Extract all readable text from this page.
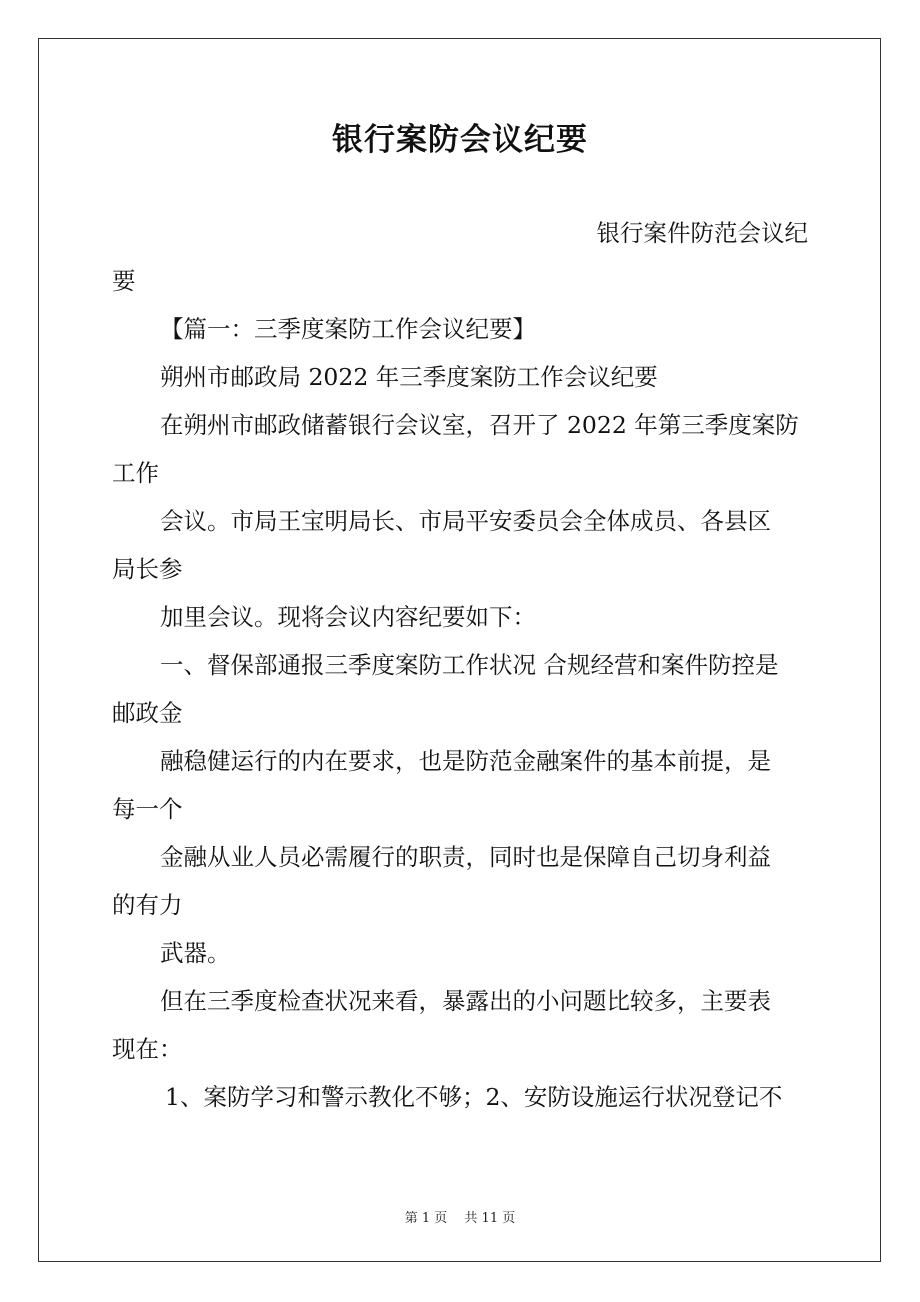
银行案防会议纪要
银行案件防范会议纪
要
【篇一：三季度案防工作会议纪要】
朔州市邮政局 2022 年三季度案防工作会议纪要
在朔州市邮政储蓄银行会议室，召开了 2022 年第三季度案防
工作
会议。市局王宝明局长、市局平安委员会全体成员、各县区
局长参
加里会议。现将会议内容纪要如下：
一、督保部通报三季度案防工作状况 合规经营和案件防控是
邮政金
融稳健运行的内在要求，也是防范金融案件的基本前提，是
每一个
金融从业人员必需履行的职责，同时也是保障自己切身利益
的有力
武器。
但在三季度检查状况来看，暴露出的小问题比较多，主要表
现在：
1、案防学习和警示教化不够；2、安防设施运行状况登记不
第 1 页　 共 11 页
